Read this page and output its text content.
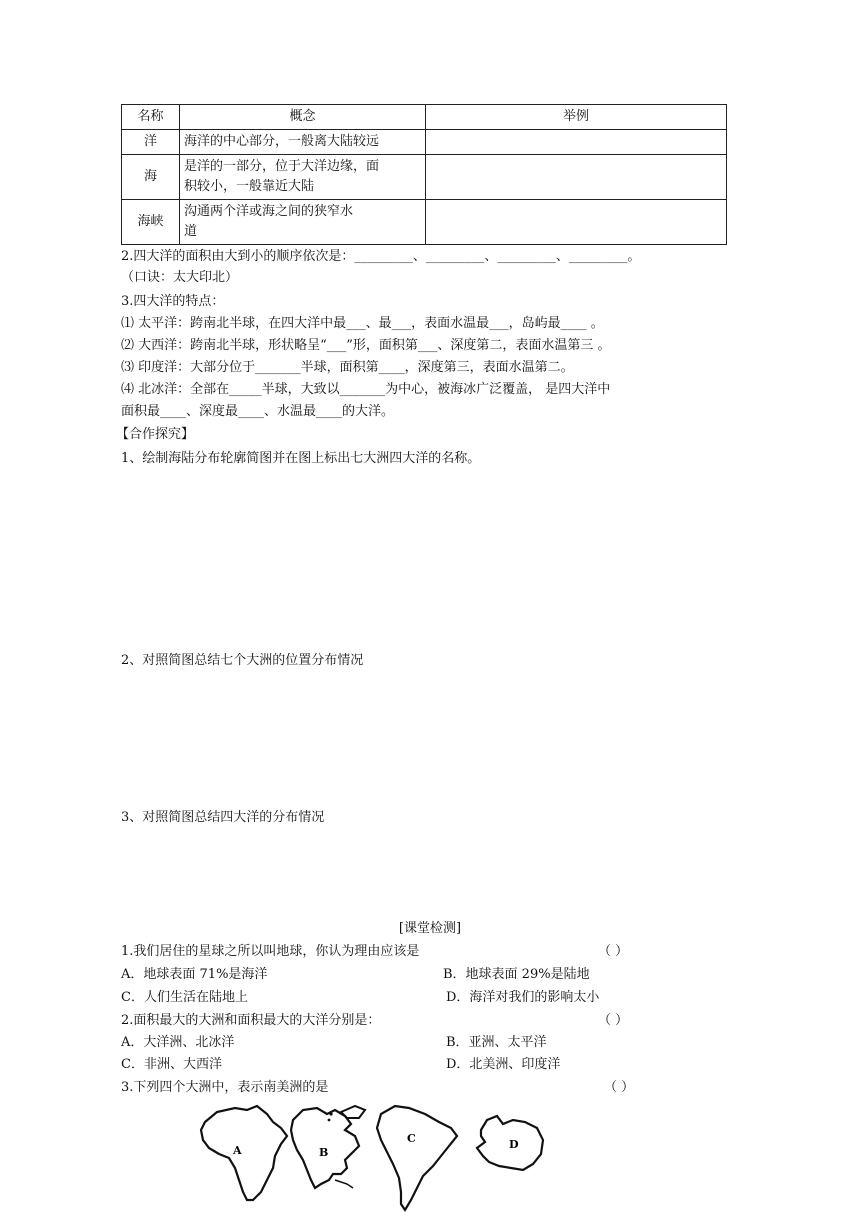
名称	概念	举例
洋	海洋的中心部分，一般离大陆较远	
海	是洋的一部分，位于大洋边缘，面
积较小，一般靠近大陆	
海峡	沟通两个洋或海之间的狭窄水
道	
2.四大洋的面积由大到小的顺序依次是：_________、_________、_________、_________。
（口诀：太大印北）
3.四大洋的特点：
⑴ 太平洋：跨南北半球，在四大洋中最___、最___，表面水温最___，岛屿最____ 。
⑵ 大西洋：跨南北半球，形状略呈“___”形，面积第___、深度第二，表面水温第三 。
⑶ 印度洋：大部分位于_______半球，面积第____，深度第三，表面水温第二。
⑷ 北冰洋：全部在_____半球，大致以_______为中心，被海冰广泛覆盖， 是四大洋中
面积最____、深度最____、水温最____的大洋。
【合作探究】
1、绘制海陆分布轮廓简图并在图上标出七大洲四大洋的名称。
2、对照简图总结七个大洲的位置分布情况
3、对照简图总结四大洋的分布情况
[课堂检测]
1.我们居住的星球之所以叫地球，你认为理由应该是	（ ）
A．地球表面 71%是海洋	B．地球表面 29%是陆地
C．人们生活在陆地上	D．海洋对我们的影响太小
2.面积最大的大洲和面积最大的大洋分别是：	（ ）
A．大洋洲、北冰洋	B．亚洲、太平洋
C．非洲、大西洋	D．北美洲、印度洋
3.下列四个大洲中，表示南美洲的是	（ ）
A	B
C	D
